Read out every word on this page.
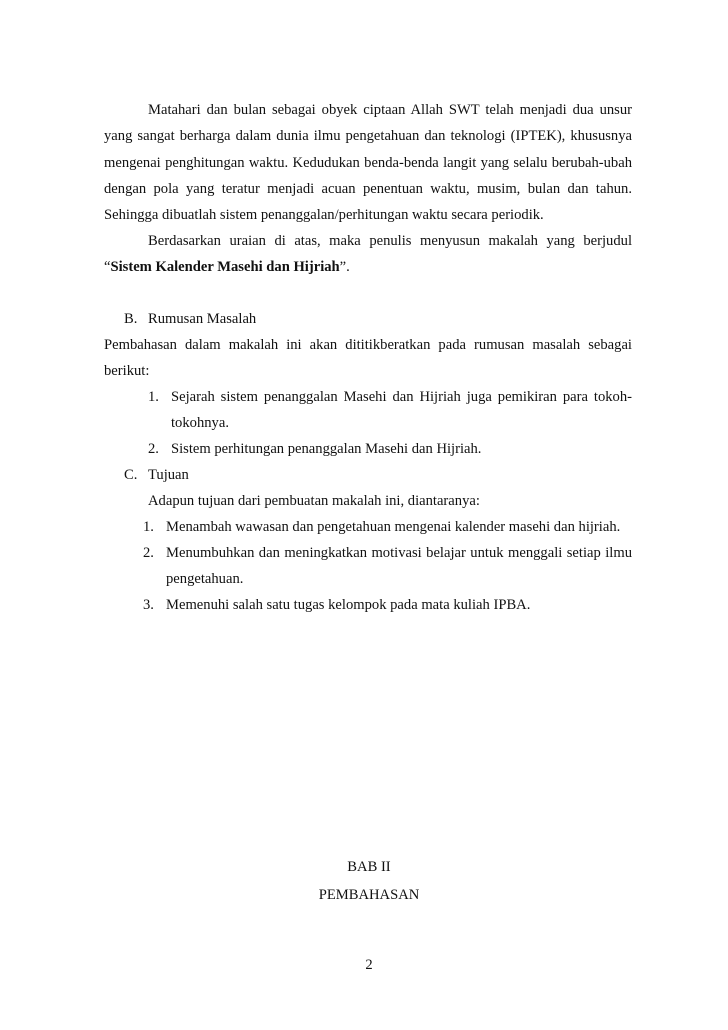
Matahari dan bulan sebagai obyek ciptaan Allah SWT telah menjadi dua unsur
yang sangat berharga dalam dunia ilmu pengetahuan dan teknologi (IPTEK), khususnya
mengenai penghitungan waktu. Kedudukan benda-benda langit yang selalu berubah-ubah
dengan pola yang teratur menjadi acuan penentuan waktu, musim, bulan dan tahun.
Sehingga dibuatlah sistem penanggalan/perhitungan waktu secara periodik.
Berdasarkan uraian di atas, maka penulis menyusun makalah yang berjudul
“Sistem Kalender Masehi dan Hijriah”.
B. Rumusan Masalah
Pembahasan dalam makalah ini akan dititikberatkan pada rumusan masalah sebagai
berikut:
1. Sejarah sistem penanggalan Masehi dan Hijriah juga pemikiran para tokoh-
tokohnya.
2. Sistem perhitungan penanggalan Masehi dan Hijriah.
C. Tujuan
Adapun tujuan dari pembuatan makalah ini, diantaranya:
1. Menambah wawasan dan pengetahuan mengenai kalender masehi dan hijriah.
2. Menumbuhkan dan meningkatkan motivasi belajar untuk menggali setiap ilmu
pengetahuan.
3. Memenuhi salah satu tugas kelompok pada mata kuliah IPBA.
BAB II
PEMBAHASAN
2
